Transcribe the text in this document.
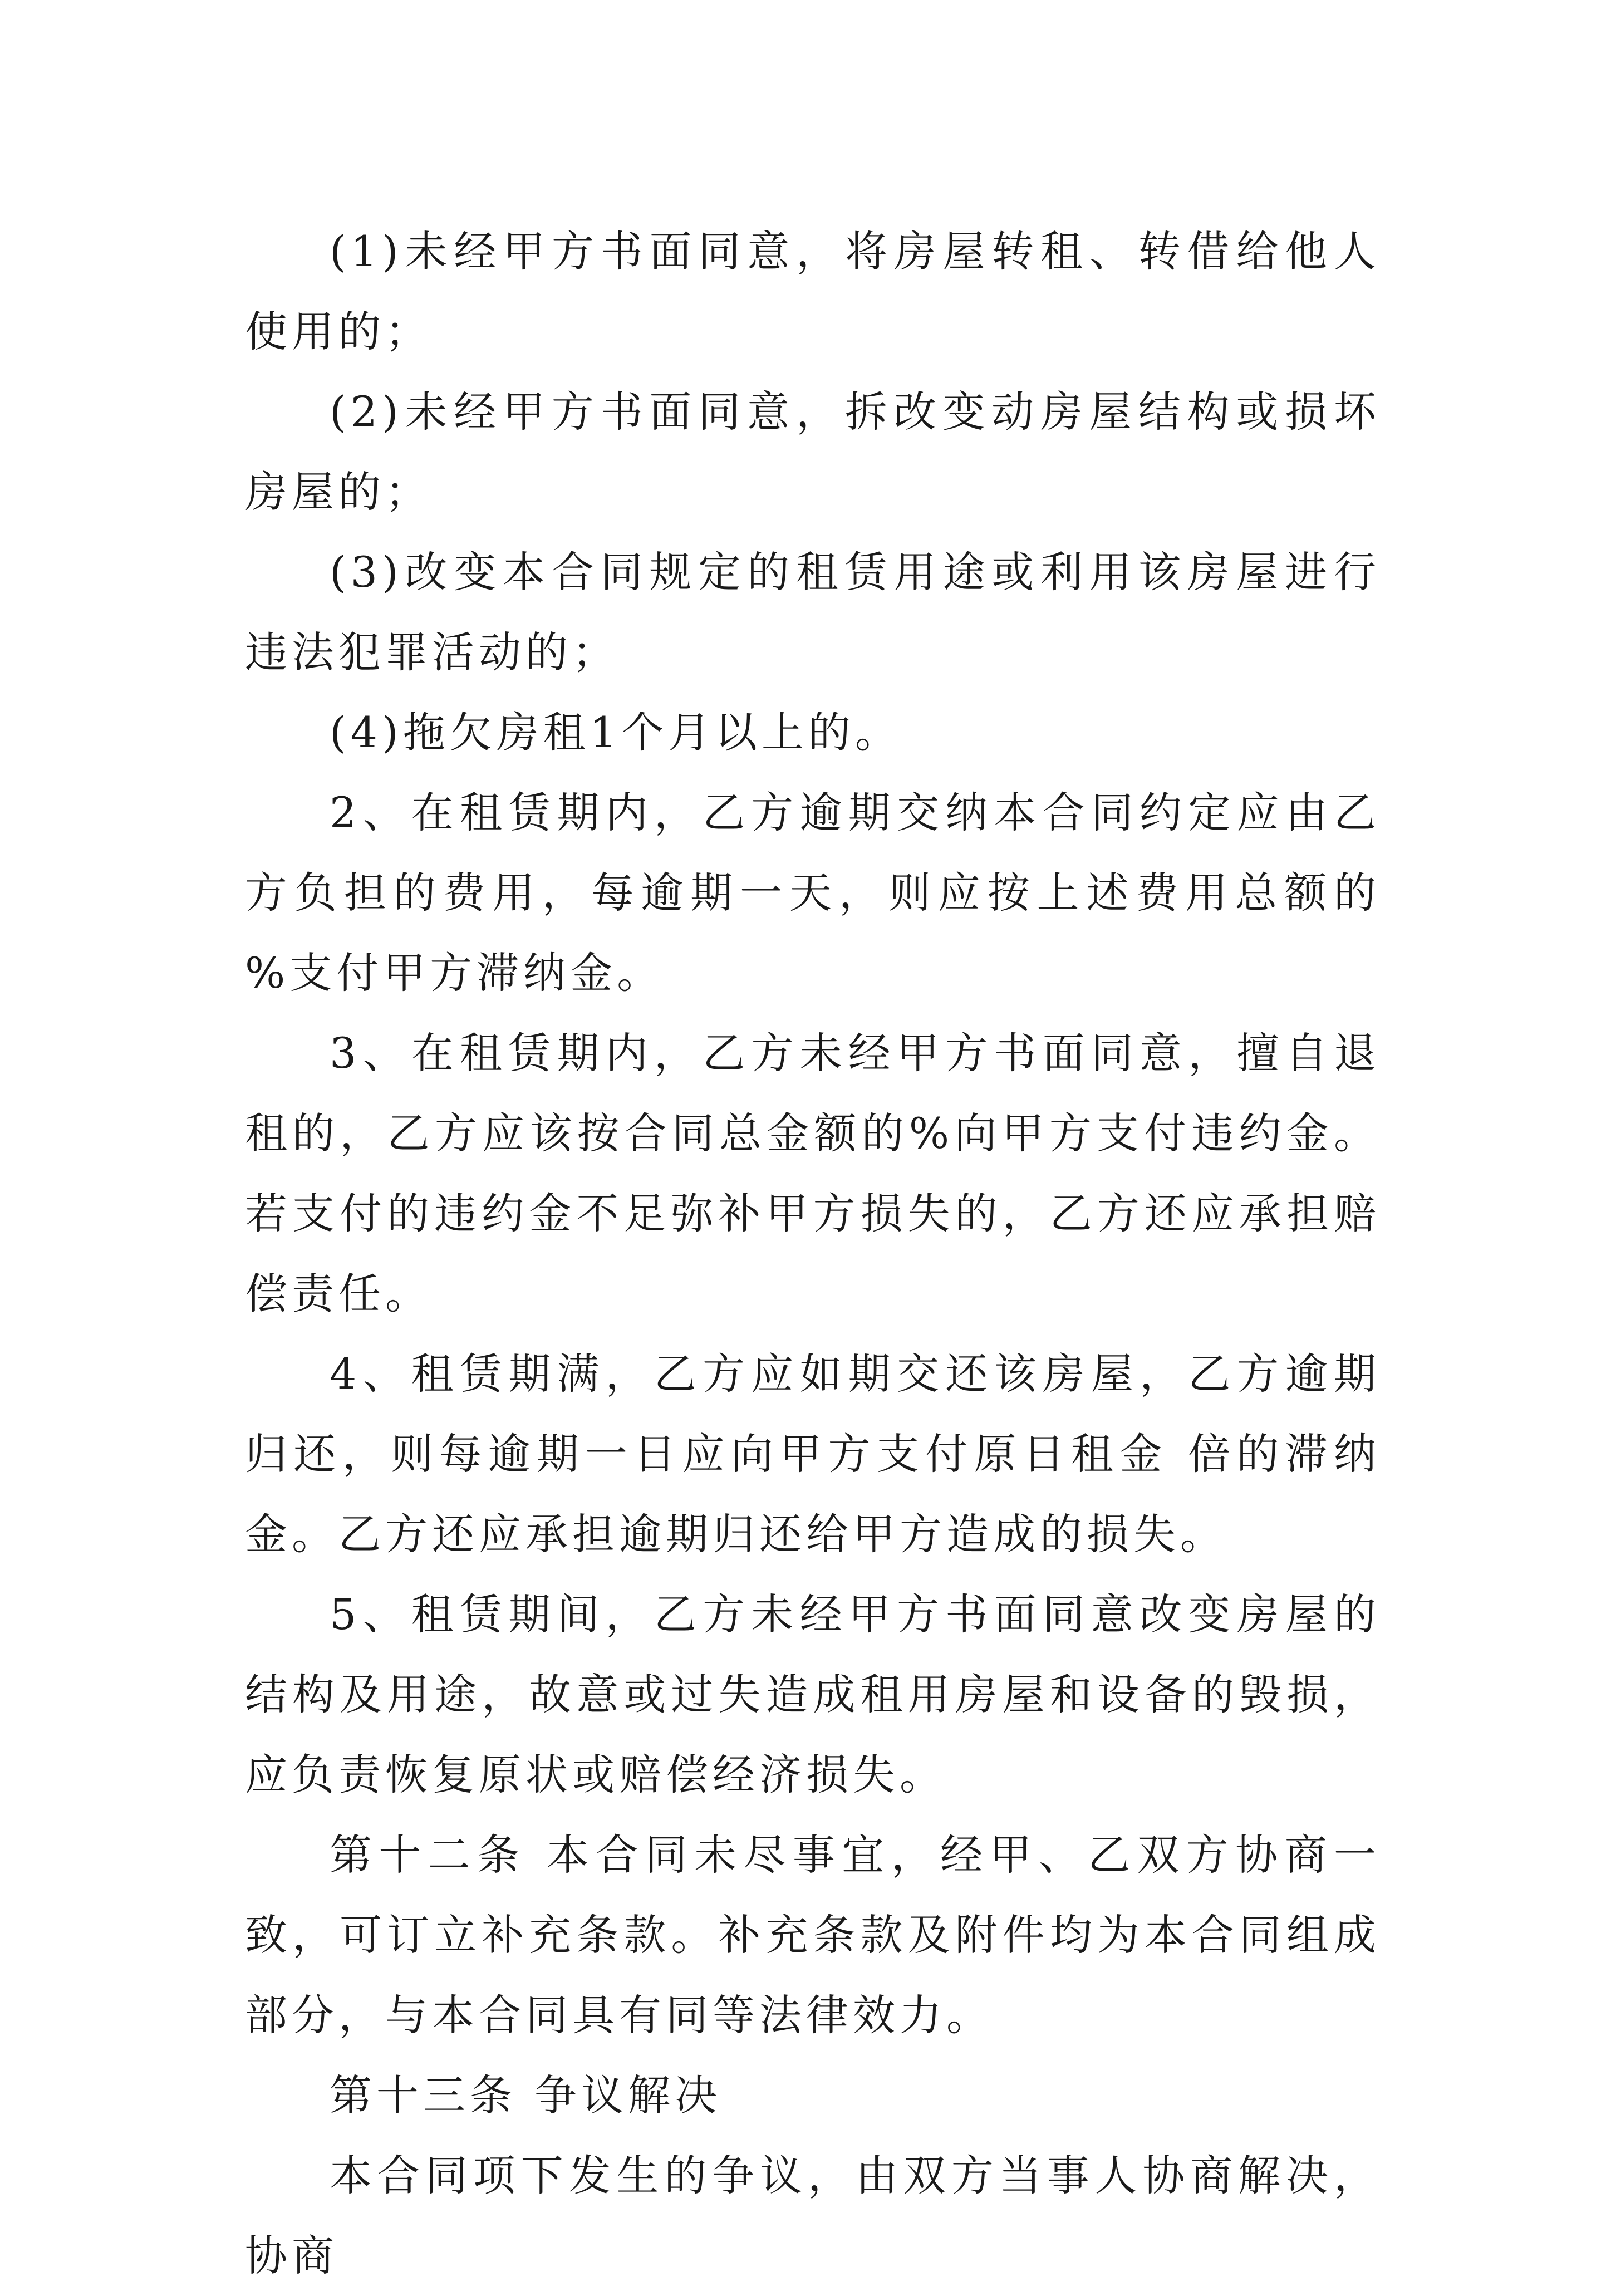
(1)未经甲方书面同意，将房屋转租、转借给他人使用的；

(2)未经甲方书面同意，拆改变动房屋结构或损坏房屋的；

(3)改变本合同规定的租赁用途或利用该房屋进行违法犯罪活动的；

(4)拖欠房租1个月以上的。

2、在租赁期内，乙方逾期交纳本合同约定应由乙方负担的费用，每逾期一天，则应按上述费用总额的 %支付甲方滞纳金。

3、在租赁期内，乙方未经甲方书面同意，擅自退租的，乙方应该按合同总金额的%向甲方支付违约金。若支付的违约金不足弥补甲方损失的，乙方还应承担赔偿责任。

4、租赁期满，乙方应如期交还该房屋，乙方逾期归还，则每逾期一日应向甲方支付原日租金 倍的滞纳金。乙方还应承担逾期归还给甲方造成的损失。

5、租赁期间，乙方未经甲方书面同意改变房屋的结构及用途，故意或过失造成租用房屋和设备的毁损，应负责恢复原状或赔偿经济损失。

第十二条 本合同未尽事宜，经甲、乙双方协商一致，可订立补充条款。补充条款及附件均为本合同组成部分，与本合同具有同等法律效力。

第十三条 争议解决

本合同项下发生的争议，由双方当事人协商解决，协商
